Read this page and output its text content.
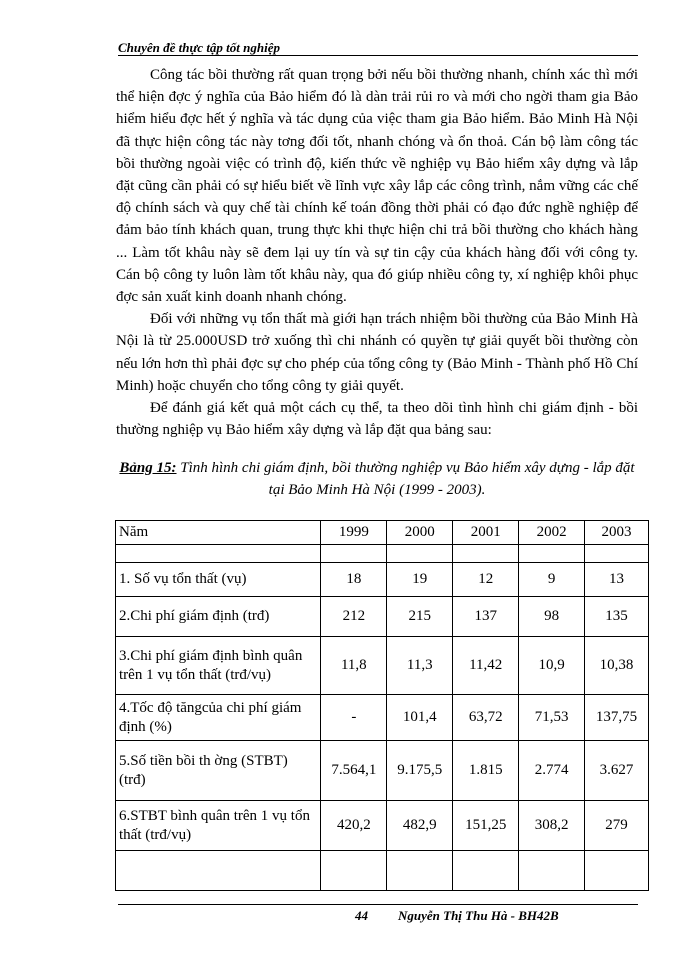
Chuyên đề thực tập tốt nghiệp

Công tác bồi thường rất quan trọng bởi nếu bồi thường nhanh, chính xác thì mới thể hiện đợc ý nghĩa của Bảo hiểm đó là dàn trải rủi ro và mới cho ngời tham gia Bảo hiểm hiểu đợc hết ý nghĩa và tác dụng của việc tham gia Bảo hiểm. Bảo Minh Hà Nội đã thực hiện công tác này tơng đối tốt, nhanh chóng và ổn thoả. Cán bộ làm công tác bồi thường ngoài việc có trình độ, kiến thức về nghiệp vụ Bảo hiểm xây dựng và lắp đặt cũng cần phải có sự hiểu biết về lĩnh vực xây lắp các công trình, nắm vững các chế độ chính sách và quy chế tài chính kế toán đồng thời phải có đạo đức nghề nghiệp để đảm bảo tính khách quan, trung thực khi thực hiện chi trả bồi thường cho khách hàng ... Làm tốt khâu này sẽ đem lại uy tín và sự tin cậy của khách hàng đối với công ty. Cán bộ công ty luôn làm tốt khâu này, qua đó giúp nhiều công ty, xí nghiệp khôi phục đợc sản xuất kinh doanh nhanh chóng.

Đối với những vụ tổn thất mà giới hạn trách nhiệm bồi thường của Bảo Minh Hà Nội là từ 25.000USD trở xuống thì chi nhánh có quyền tự giải quyết bồi thường còn nếu lớn hơn thì phải đợc sự cho phép của tổng công ty (Bảo Minh - Thành phố Hồ Chí Minh) hoặc chuyển cho tổng công ty giải quyết.

Để đánh giá kết quả một cách cụ thể, ta theo dõi tình hình chi giám định - bồi thường nghiệp vụ Bảo hiểm xây dựng và lắp đặt qua bảng sau:

Bảng 15: Tình hình chi giám định, bồi thường nghiệp vụ Bảo hiểm xây dựng - lắp đặt tại Bảo Minh Hà Nội (1999 - 2003).
Năm	1999	2000	2001	2002	2003

1. Số vụ tổn thất (vụ)	18	19	12	9	13
2.Chi phí giám định (trđ)	212	215	137	98	135
3.Chi phí giám định bình quân trên 1 vụ tổn thất (trđ/vụ)	11,8	11,3	11,42	10,9	10,38
4.Tốc độ tăngcủa chi phí giám định (%)	-	101,4	63,72	71,53	137,75
5.Số tiền bồi th ờng (STBT) (trđ)	7.564,1	9.175,5	1.815	2.774	3.627
6.STBT bình quân trên 1 vụ tổn thất (trđ/vụ)	420,2	482,9	151,25	308,2	279

44 Nguyễn Thị Thu Hà - BH42B
